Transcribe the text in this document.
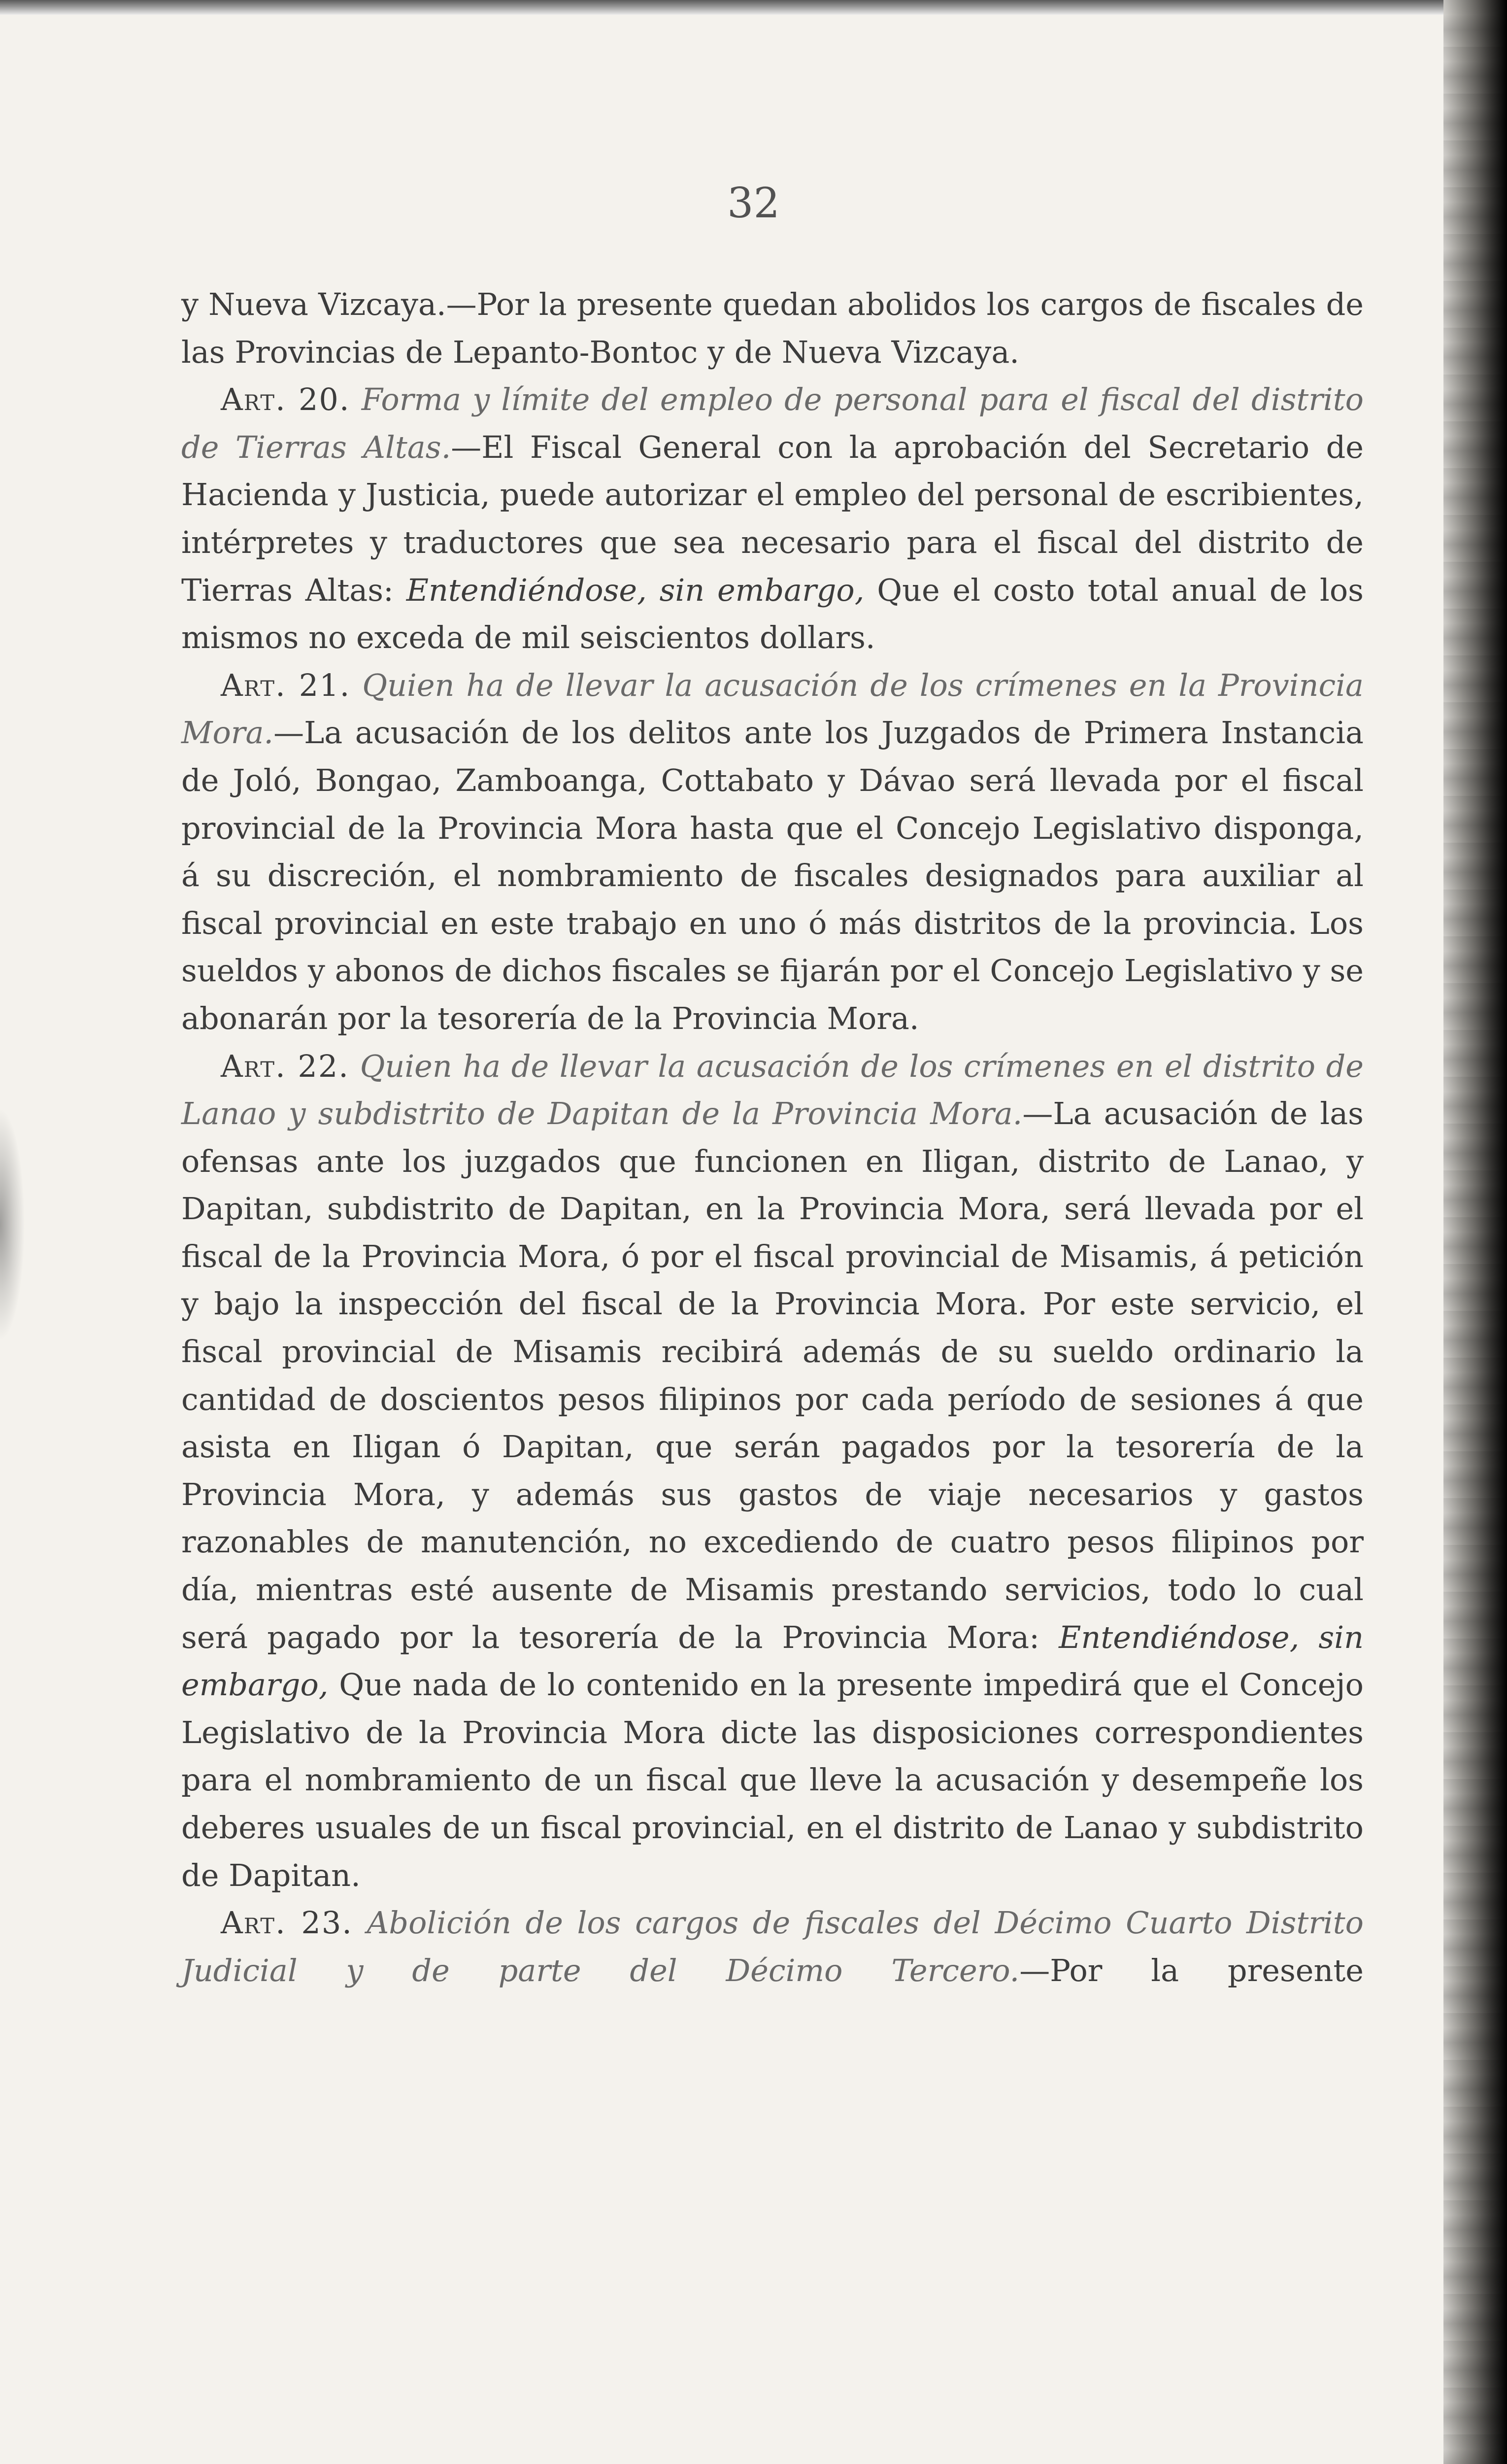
32

y Nueva Vizcaya.—Por la presente quedan abolidos los cargos de fiscales de las Provincias de Lepanto-Bontoc y de Nueva Vizcaya.

Art. 20. Forma y límite del empleo de personal para el fiscal del distrito de Tierras Altas.—El Fiscal General con la aprobación del Secretario de Hacienda y Justicia, puede autorizar el empleo del personal de escribientes, intérpretes y traductores que sea necesario para el fiscal del distrito de Tierras Altas: Entendiéndose, sin embargo, Que el costo total anual de los mismos no exceda de mil seiscientos dollars.

Art. 21. Quien ha de llevar la acusación de los crímenes en la Provincia Mora.—La acusación de los delitos ante los Juzgados de Primera Instancia de Joló, Bongao, Zamboanga, Cottabato y Dávao será llevada por el fiscal provincial de la Provincia Mora hasta que el Concejo Legislativo disponga, á su discreción, el nombramiento de fiscales designados para auxiliar al fiscal provincial en este trabajo en uno ó más distritos de la provincia. Los sueldos y abonos de dichos fiscales se fijarán por el Concejo Legislativo y se abonarán por la tesorería de la Provincia Mora.

Art. 22. Quien ha de llevar la acusación de los crímenes en el distrito de Lanao y subdistrito de Dapitan de la Provincia Mora.—La acusación de las ofensas ante los juzgados que funcionen en Iligan, distrito de Lanao, y Dapitan, subdistrito de Dapitan, en la Provincia Mora, será llevada por el fiscal de la Provincia Mora, ó por el fiscal provincial de Misamis, á petición y bajo la inspección del fiscal de la Provincia Mora. Por este servicio, el fiscal provincial de Misamis recibirá además de su sueldo ordinario la cantidad de doscientos pesos filipinos por cada período de sesiones á que asista en Iligan ó Dapitan, que serán pagados por la tesorería de la Provincia Mora, y además sus gastos de viaje necesarios y gastos razonables de manutención, no excediendo de cuatro pesos filipinos por día, mientras esté ausente de Misamis prestando servicios, todo lo cual será pagado por la tesorería de la Provincia Mora: Entendiéndose, sin embargo, Que nada de lo contenido en la presente impedirá que el Concejo Legislativo de la Provincia Mora dicte las disposiciones correspondientes para el nombramiento de un fiscal que lleve la acusación y desempeñe los deberes usuales de un fiscal provincial, en el distrito de Lanao y subdistrito de Dapitan.

Art. 23. Abolición de los cargos de fiscales del Décimo Cuarto Distrito Judicial y de parte del Décimo Tercero.—Por la presente
